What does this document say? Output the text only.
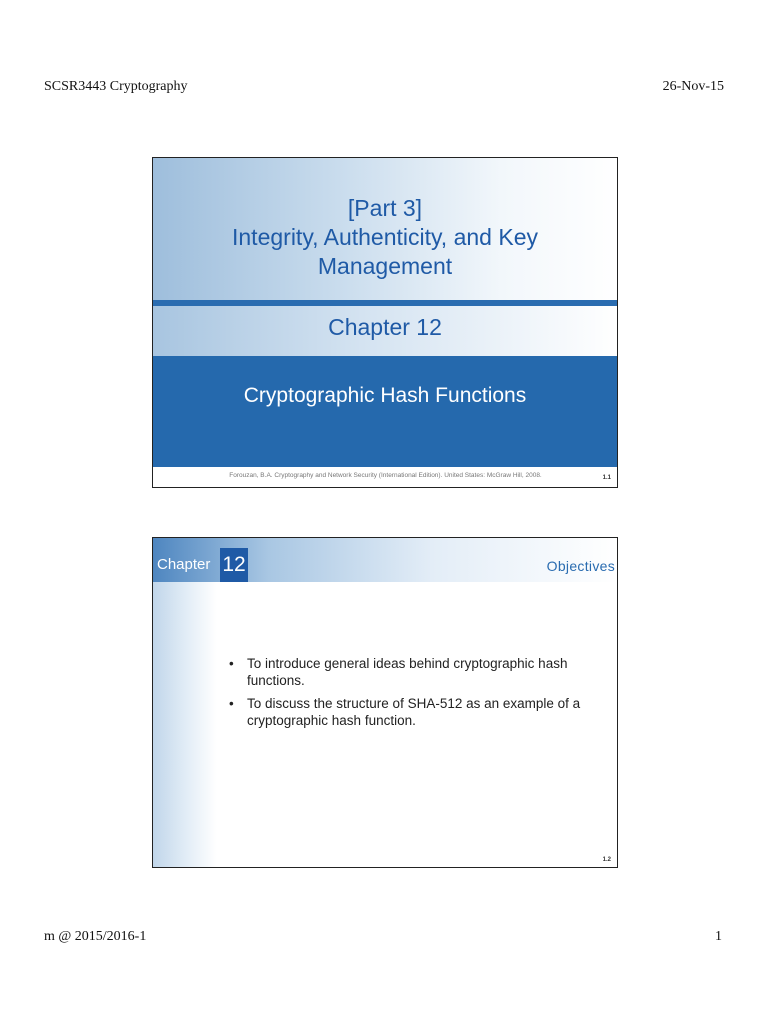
SCSR3443 Cryptography	26-Nov-15
[Part 3]
Integrity, Authenticity, and Key
Management
Chapter 12
Cryptographic Hash Functions
Forouzan, B.A. Cryptography and Network Security (International Edition). United States: McGraw Hill, 2008.	1.1
Chapter 12	Objectives
• To introduce general ideas behind cryptographic hash functions.
• To discuss the structure of SHA-512 as an example of a cryptographic hash function.
1.2
m @ 2015/2016-1	1
